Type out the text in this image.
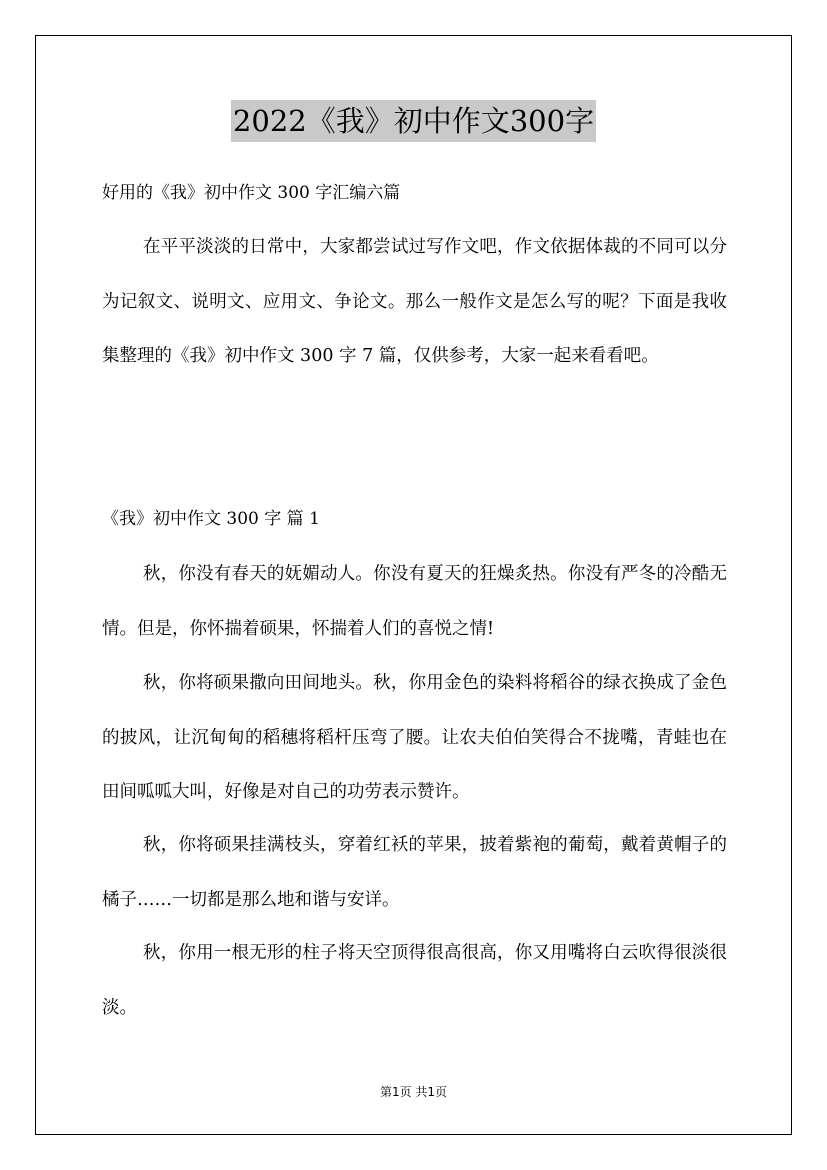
2022《我》初中作文300字
好用的《我》初中作文 300 字汇编六篇

在平平淡淡的日常中，大家都尝试过写作文吧，作文依据体裁的不同可以分为记叙文、说明文、应用文、争论文。那么一般作文是怎么写的呢？下面是我收集整理的《我》初中作文 300 字 7 篇，仅供参考，大家一起来看看吧。

《我》初中作文 300 字 篇 1

秋，你没有春天的妩媚动人。你没有夏天的狂燥炙热。你没有严冬的冷酷无情。但是，你怀揣着硕果，怀揣着人们的喜悦之情!

秋，你将硕果撒向田间地头。秋，你用金色的染料将稻谷的绿衣换成了金色的披风，让沉甸甸的稻穗将稻杆压弯了腰。让农夫伯伯笑得合不拢嘴，青蛙也在田间呱呱大叫，好像是对自己的功劳表示赞许。

秋，你将硕果挂满枝头，穿着红袄的苹果，披着紫袍的葡萄，戴着黄帽子的橘子……一切都是那么地和谐与安详。

秋，你用一根无形的柱子将天空顶得很高很高，你又用嘴将白云吹得很淡很淡。

第1页 共1页
